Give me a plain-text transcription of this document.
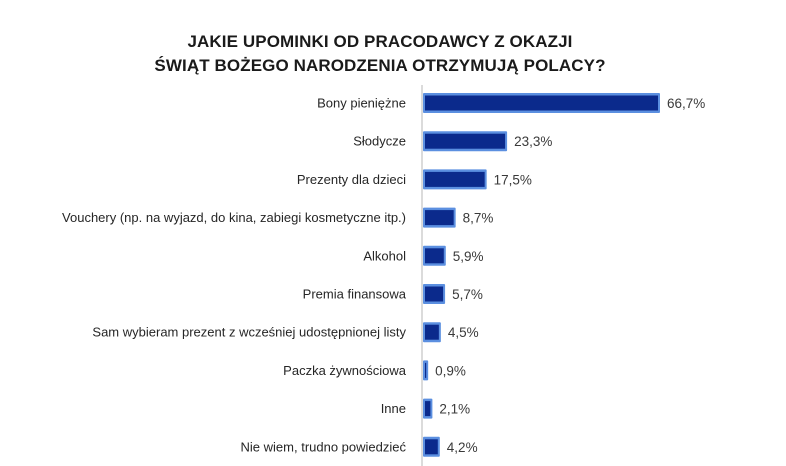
JAKIE UPOMINKI OD PRACODAWCY Z OKAZJI
ŚWIĄT BOŻEGO NARODZENIA OTRZYMUJĄ POLACY?
Bony pieniężne	66,7%
Słodycze	23,3%
Prezenty dla dzieci	17,5%
Vouchery (np. na wyjazd, do kina, zabiegi kosmetyczne itp.)	8,7%
Alkohol	5,9%
Premia finansowa	5,7%
Sam wybieram prezent z wcześniej udostępnionej listy	4,5%
Paczka żywnościowa 0,9%
Inne 2,1%
Nie wiem, trudno powiedzieć	4,2%
